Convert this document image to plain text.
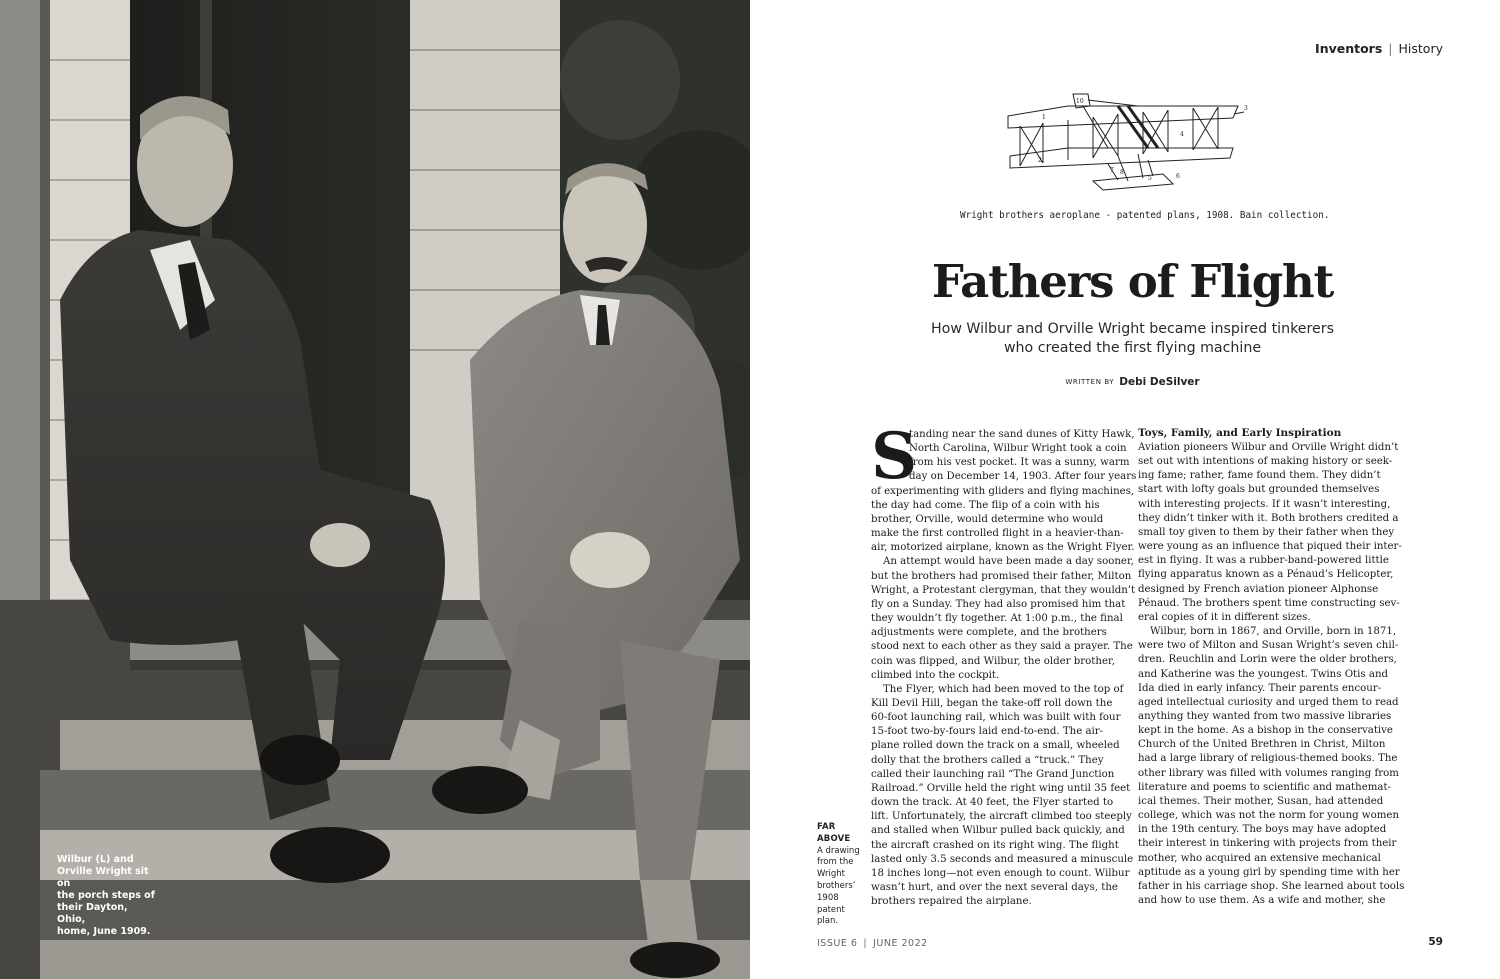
Wilbur (L) and
Orville Wright sit on
the porch steps of
their Dayton, Ohio,
home, June 1909.
Inventors | History
1
2
3
4
5	6
7 8
10
Wright brothers aeroplane - patented plans, 1908. Bain collection.
Fathers of Flight
How Wilbur and Orville Wright became inspired tinkerers
who created the first flying machine
WRITTEN BY Debi DeSilver
FAR ABOVE
A drawing
from the
Wright
brothers’
1908
patent
plan.
S
tanding near the sand dunes of Kitty Hawk,
North Carolina, Wilbur Wright took a coin
from his vest pocket. It was a sunny, warm
day on December 14, 1903. After four years
of experimenting with gliders and flying machines,
the day had come. The flip of a coin with his
brother, Orville, would determine who would
make the first controlled flight in a heavier-than-
air, motorized airplane, known as the Wright Flyer.
An attempt would have been made a day sooner,
but the brothers had promised their father, Milton
Wright, a Protestant clergyman, that they wouldn’t
fly on a Sunday. They had also promised him that
they wouldn’t fly together. At 1:00 p.m., the final
adjustments were complete, and the brothers
stood next to each other as they said a prayer. The
coin was flipped, and Wilbur, the older brother,
climbed into the cockpit.
The Flyer, which had been moved to the top of
Kill Devil Hill, began the take-off roll down the
60-foot launching rail, which was built with four
15-foot two-by-fours laid end-to-end. The air-
plane rolled down the track on a small, wheeled
dolly that the brothers called a “truck.” They
called their launching rail “The Grand Junction
Railroad.” Orville held the right wing until 35 feet
down the track. At 40 feet, the Flyer started to
lift. Unfortunately, the aircraft climbed too steeply
and stalled when Wilbur pulled back quickly, and
the aircraft crashed on its right wing. The flight
lasted only 3.5 seconds and measured a minuscule
18 inches long—not even enough to count. Wilbur
wasn’t hurt, and over the next several days, the
brothers repaired the airplane.
Toys, Family, and Early Inspiration
Aviation pioneers Wilbur and Orville Wright didn’t
set out with intentions of making history or seek-
ing fame; rather, fame found them. They didn’t
start with lofty goals but grounded themselves
with interesting projects. If it wasn’t interesting,
they didn’t tinker with it. Both brothers credited a
small toy given to them by their father when they
were young as an influence that piqued their inter-
est in flying. It was a rubber-band-powered little
flying apparatus known as a Pénaud’s Helicopter,
designed by French aviation pioneer Alphonse
Pénaud. The brothers spent time constructing sev-
eral copies of it in different sizes.
Wilbur, born in 1867, and Orville, born in 1871,
were two of Milton and Susan Wright’s seven chil-
dren. Reuchlin and Lorin were the older brothers,
and Katherine was the youngest. Twins Otis and
Ida died in early infancy. Their parents encour-
aged intellectual curiosity and urged them to read
anything they wanted from two massive libraries
kept in the home. As a bishop in the conservative
Church of the United Brethren in Christ, Milton
had a large library of religious-themed books. The
other library was filled with volumes ranging from
literature and poems to scientific and mathemat-
ical themes. Their mother, Susan, had attended
college, which was not the norm for young women
in the 19th century. The boys may have adopted
their interest in tinkering with projects from their
mother, who acquired an extensive mechanical
aptitude as a young girl by spending time with her
father in his carriage shop. She learned about tools
and how to use them. As a wife and mother, she
ISSUE 6 | JUNE 2022	59
